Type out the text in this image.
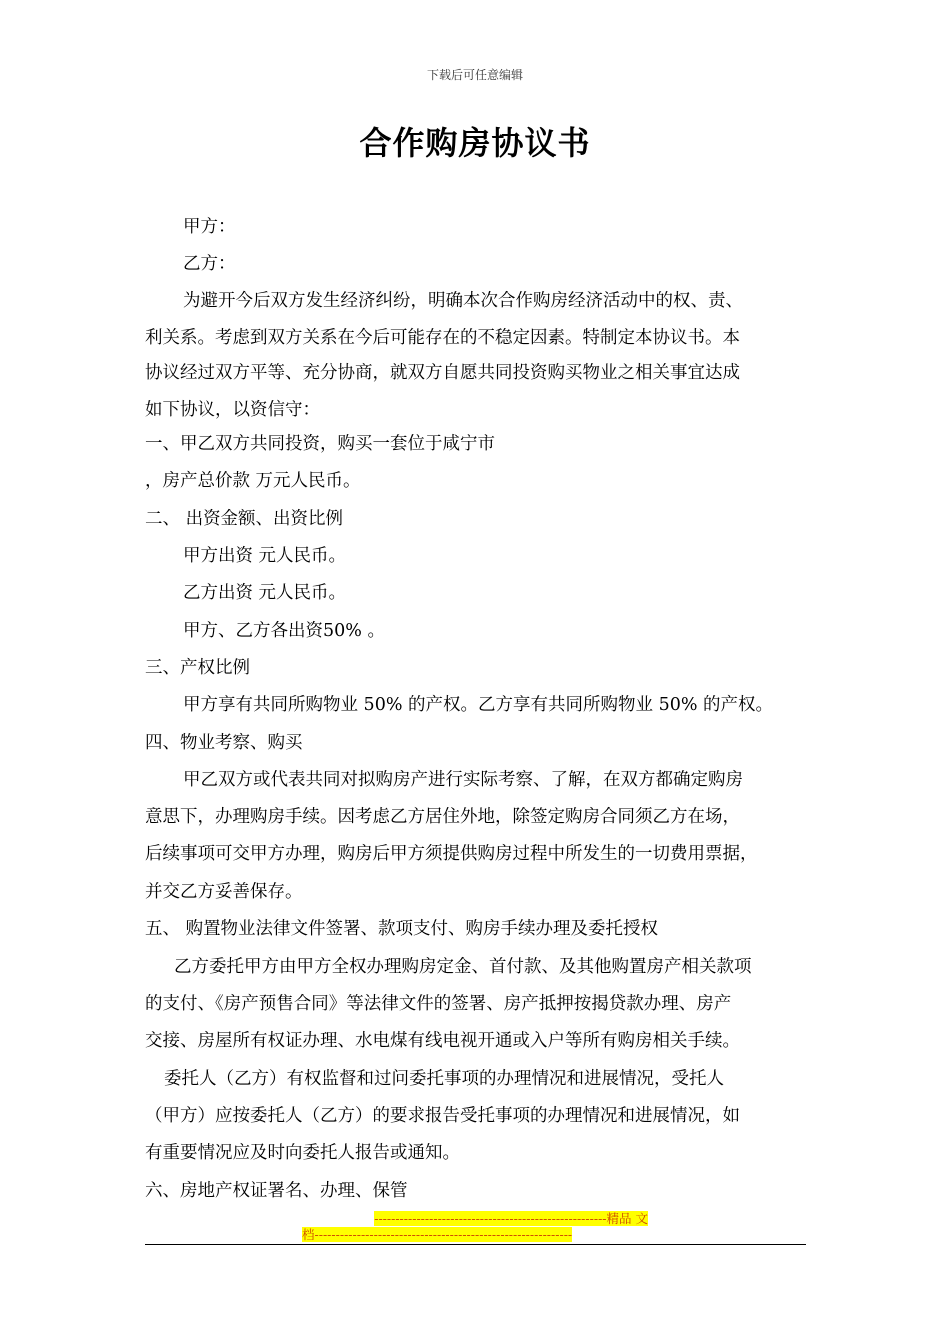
下载后可任意编辑
合作购房协议书
甲方：
乙方：
为避开今后双方发生经济纠纷，明确本次合作购房经济活动中的权、责、
利关系。考虑到双方关系在今后可能存在的不稳定因素。特制定本协议书。本
协议经过双方平等、充分协商，就双方自愿共同投资购买物业之相关事宜达成
如下协议，以资信守：
一、甲乙双方共同投资，购买一套位于咸宁市
，房产总价款 万元人民币。
二、 出资金额、出资比例
甲方出资 元人民币。
乙方出资 元人民币。
甲方、乙方各出资50% 。
三、产权比例
甲方享有共同所购物业 50% 的产权。乙方享有共同所购物业 50% 的产权。
四、物业考察、购买
甲乙双方或代表共同对拟购房产进行实际考察、了解，在双方都确定购房
意思下，办理购房手续。因考虑乙方居住外地，除签定购房合同须乙方在场，
后续事项可交甲方办理，购房后甲方须提供购房过程中所发生的一切费用票据，
并交乙方妥善保存。
五、 购置物业法律文件签署、款项支付、购房手续办理及委托授权
乙方委托甲方由甲方全权办理购房定金、首付款、及其他购置房产相关款项
的支付、《房产预售合同》等法律文件的签署、房产抵押按揭贷款办理、房产
交接、房屋所有权证办理、水电煤有线电视开通或入户等所有购房相关手续。
委托人（乙方）有权监督和过问委托事项的办理情况和进展情况，受托人
（甲方）应按委托人（乙方）的要求报告受托事项的办理情况和进展情况，如
有重要情况应及时向委托人报告或通知。
六、房地产权证署名、办理、保管
-------------------------------------------------------精品 文
档-------------------------------------------------------------
